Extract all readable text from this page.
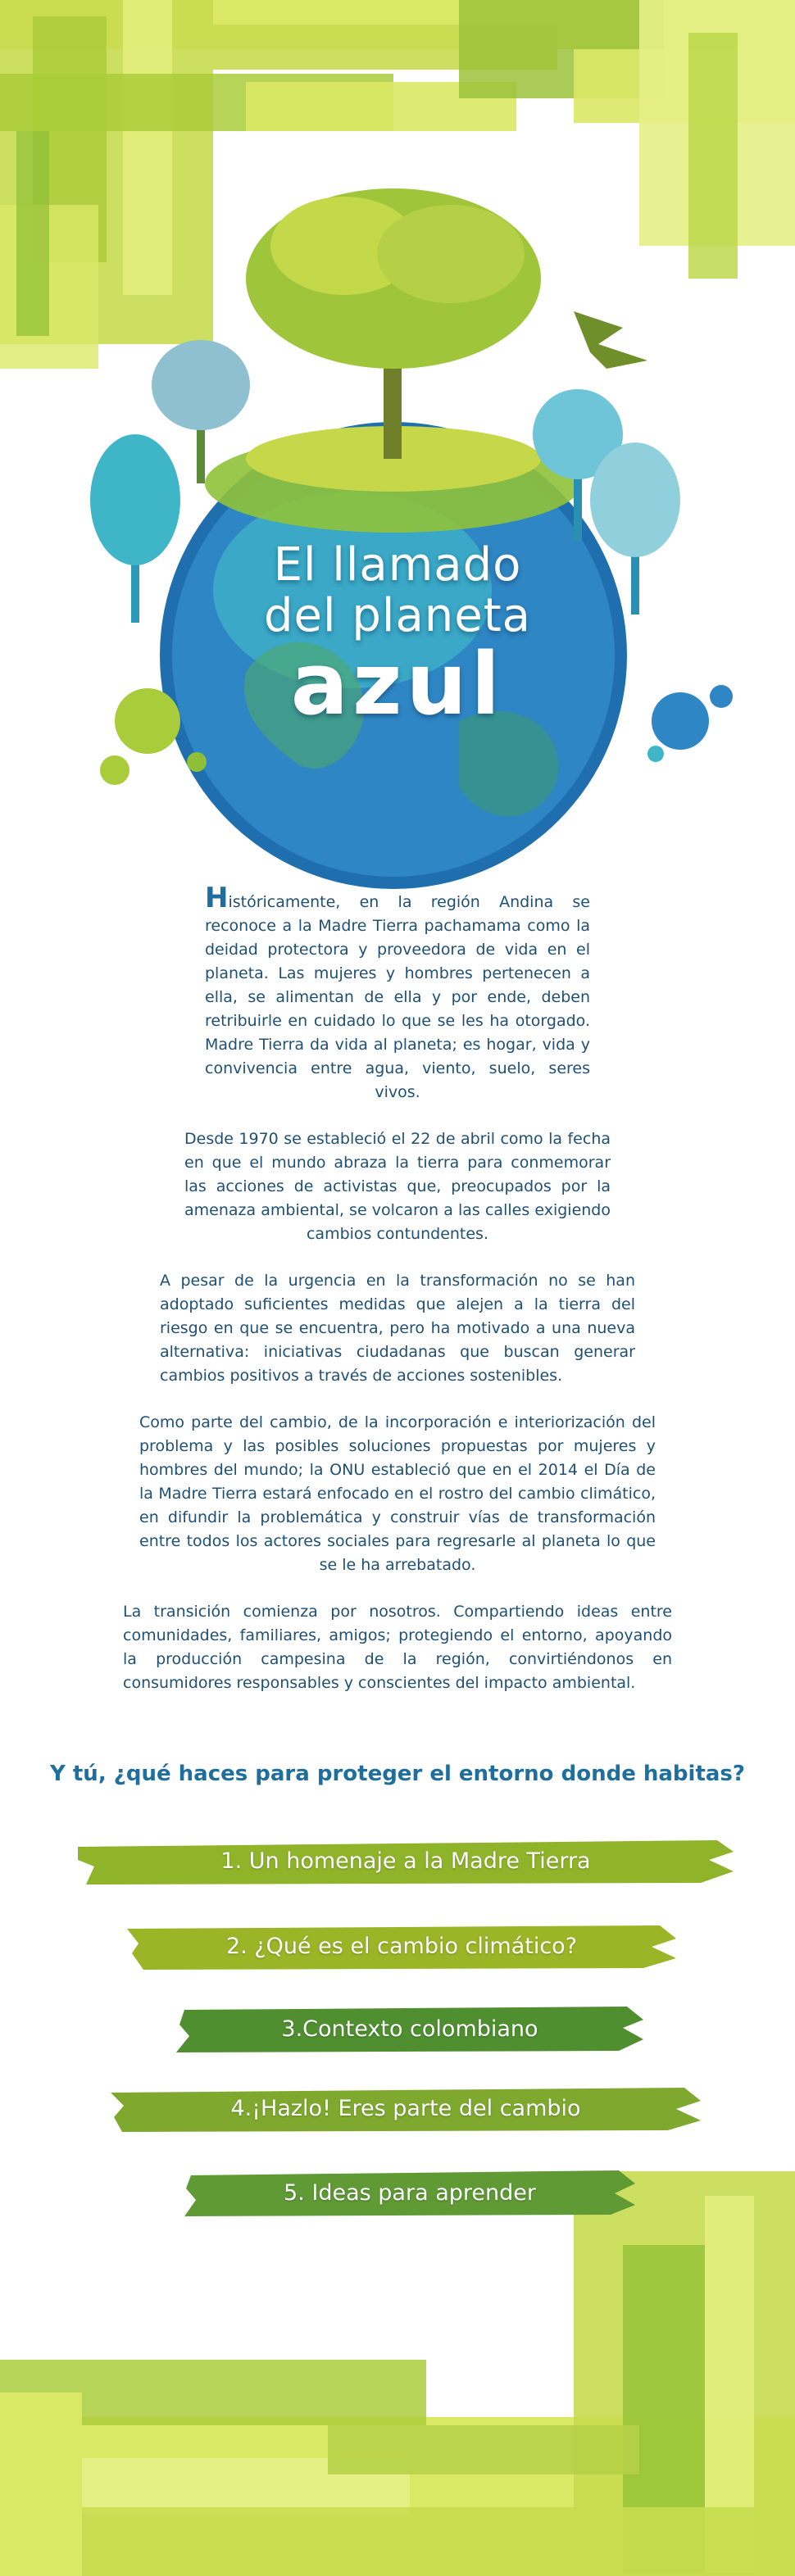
El llamado
del planeta
azul

Históricamente, en la región Andina se reconoce a la Madre Tierra pachamama como la deidad protectora y proveedora de vida en el planeta. Las mujeres y hombres pertenecen a ella, se alimentan de ella y por ende, deben retribuirle en cuidado lo que se les ha otorgado. Madre Tierra da vida al planeta; es hogar, vida y convivencia entre agua, viento, suelo, seres vivos.

Desde 1970 se estableció el 22 de abril como la fecha en que el mundo abraza la tierra para conmemorar las acciones de activistas que, preocupados por la amenaza ambiental, se volcaron a las calles exigiendo cambios contundentes.

A pesar de la urgencia en la transformación no se han adoptado suficientes medidas que alejen a la tierra del riesgo en que se encuentra, pero ha motivado a una nueva alternativa: iniciativas ciudadanas que buscan generar cambios positivos a través de acciones sostenibles.

Como parte del cambio, de la incorporación e interiorización del problema y las posibles soluciones propuestas por mujeres y hombres del mundo; la ONU estableció que en el 2014 el Día de la Madre Tierra estará enfocado en el rostro del cambio climático, en difundir la problemática y construir vías de transformación entre todos los actores sociales para regresarle al planeta lo que se le ha arrebatado.

La transición comienza por nosotros. Compartiendo ideas entre comunidades, familiares, amigos; protegiendo el entorno, apoyando la producción campesina de la región, convirtiéndonos en consumidores responsables y conscientes del impacto ambiental.

Y tú, ¿qué haces para proteger el entorno donde habitas?
1. Un homenaje a la Madre Tierra
2. ¿Qué es el cambio climático?
3.Contexto colombiano
4.¡Hazlo! Eres parte del cambio
5. Ideas para aprender
